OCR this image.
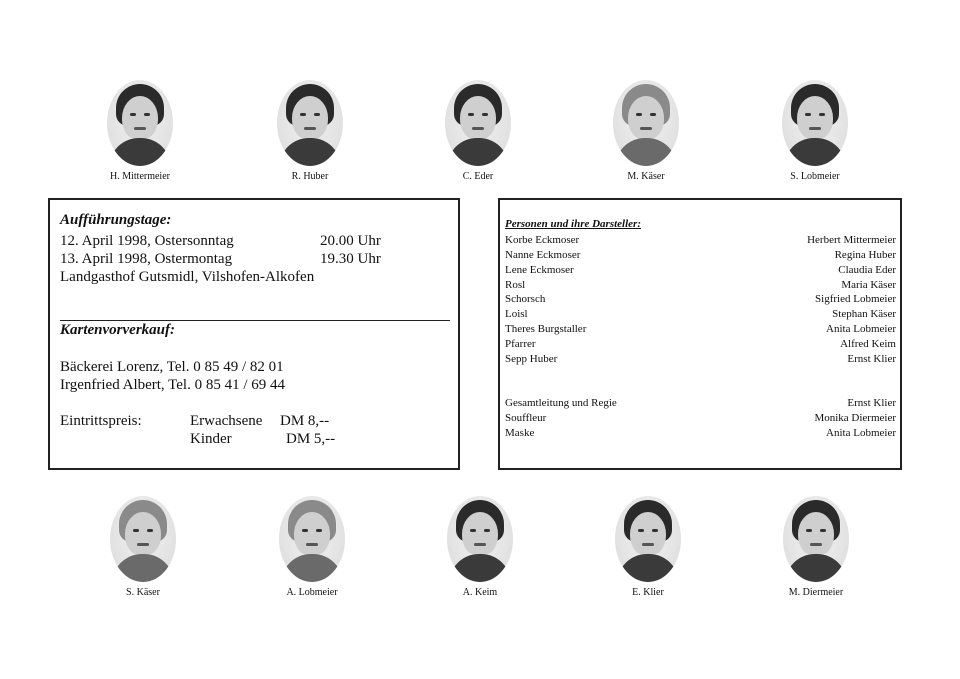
H. Mittermeier	R. Huber	C. Eder	M. Käser	S. Lobmeier
Aufführungstage:
12. April 1998, Ostersonntag	20.00 Uhr
13. April 1998, Ostermontag	19.30 Uhr
Landgasthof Gutsmidl, Vilshofen-Alkofen
Kartenvorverkauf:
Bäckerei Lorenz, Tel. 0 85 49 / 82 01
Irgenfried Albert, Tel. 0 85 41 / 69 44
Eintrittspreis:	Erwachsene DM 8,--
Kinder	DM 5,--
Personen und ihre Darsteller:
Korbe Eckmoser	Herbert Mittermeier
Nanne Eckmoser	Regina Huber
Lene Eckmoser	Claudia Eder
Rosl	Maria Käser
Schorsch	Sigfried Lobmeier
Loisl	Stephan Käser
Theres Burgstaller	Anita Lobmeier
Pfarrer	Alfred Keim
Sepp Huber	Ernst Klier
Gesamtleitung und Regie	Ernst Klier
Souffleur	Monika Diermeier
Maske	Anita Lobmeier
S. Käser	A. Lobmeier	A. Keim	E. Klier	M. Diermeier
